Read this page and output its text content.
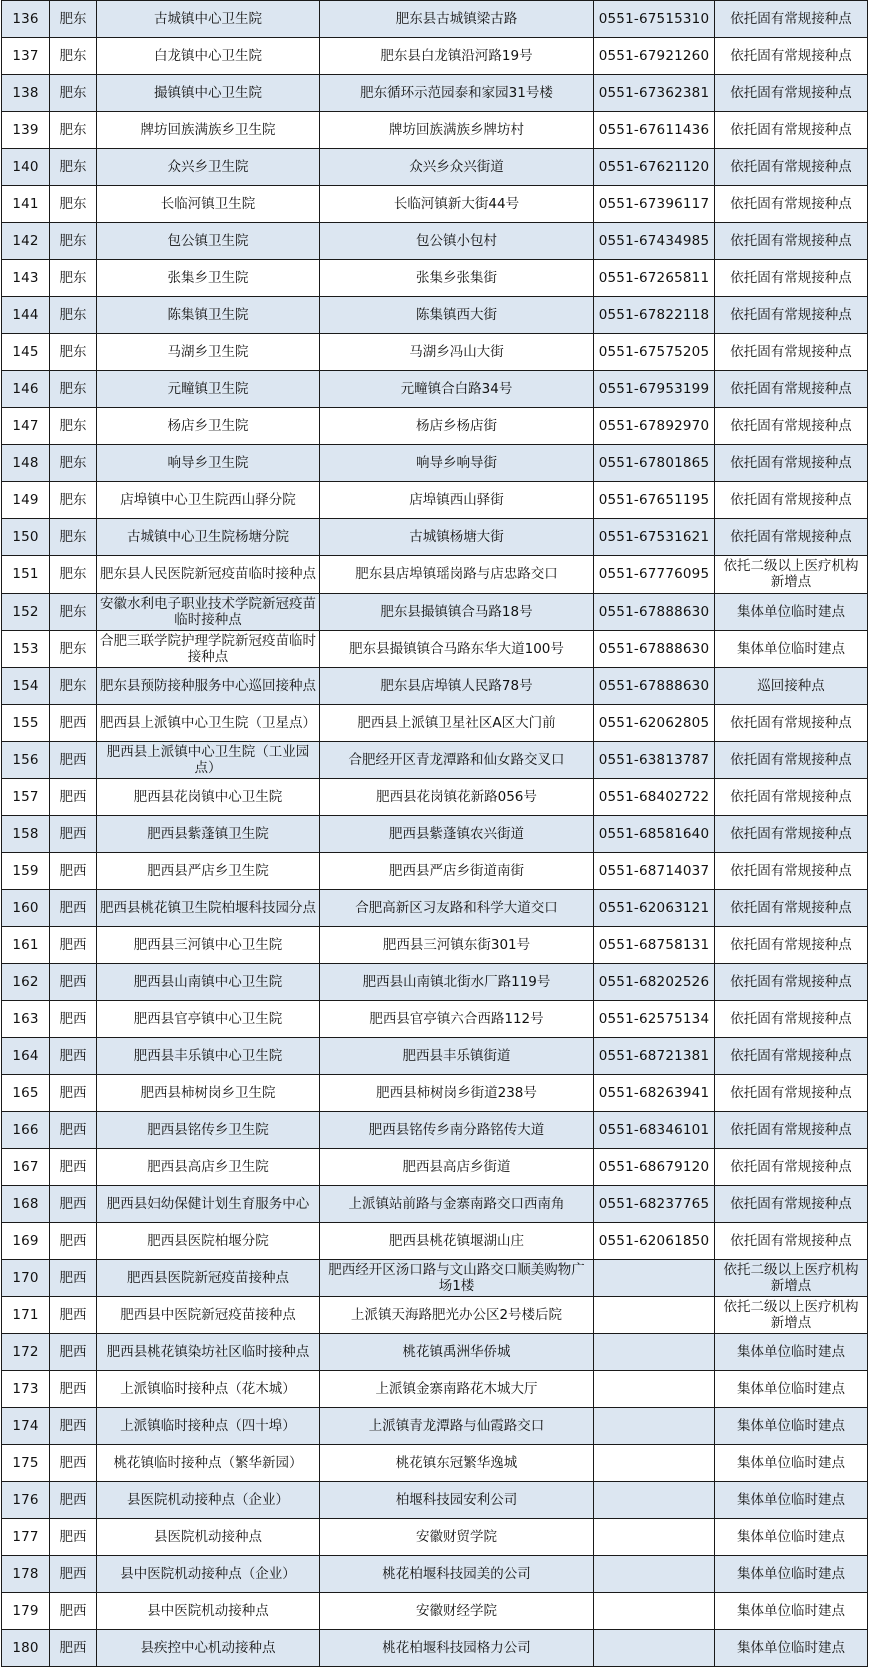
136	肥东	古城镇中心卫生院	肥东县古城镇梁古路	0551-67515310	依托固有常规接种点
137	肥东	白龙镇中心卫生院	肥东县白龙镇沿河路19号	0551-67921260	依托固有常规接种点
138	肥东	撮镇镇中心卫生院	肥东循环示范园泰和家园31号楼	0551-67362381	依托固有常规接种点
139	肥东	牌坊回族满族乡卫生院	牌坊回族满族乡牌坊村	0551-67611436	依托固有常规接种点
140	肥东	众兴乡卫生院	众兴乡众兴街道	0551-67621120	依托固有常规接种点
141	肥东	长临河镇卫生院	长临河镇新大街44号	0551-67396117	依托固有常规接种点
142	肥东	包公镇卫生院	包公镇小包村	0551-67434985	依托固有常规接种点
143	肥东	张集乡卫生院	张集乡张集街	0551-67265811	依托固有常规接种点
144	肥东	陈集镇卫生院	陈集镇西大街	0551-67822118	依托固有常规接种点
145	肥东	马湖乡卫生院	马湖乡冯山大街	0551-67575205	依托固有常规接种点
146	肥东	元疃镇卫生院	元疃镇合白路34号	0551-67953199	依托固有常规接种点
147	肥东	杨店乡卫生院	杨店乡杨店街	0551-67892970	依托固有常规接种点
148	肥东	响导乡卫生院	响导乡响导街	0551-67801865	依托固有常规接种点
149	肥东	店埠镇中心卫生院西山驿分院	店埠镇西山驿街	0551-67651195	依托固有常规接种点
150	肥东	古城镇中心卫生院杨塘分院	古城镇杨塘大街	0551-67531621	依托固有常规接种点
151	肥东	肥东县人民医院新冠疫苗临时接种点	肥东县店埠镇瑶岗路与店忠路交口	0551-67776095	依托二级以上医疗机构新增点
152	肥东	安徽水利电子职业技术学院新冠疫苗临时接种点	肥东县撮镇镇合马路18号	0551-67888630	集体单位临时建点
153	肥东	合肥三联学院护理学院新冠疫苗临时接种点	肥东县撮镇镇合马路东华大道100号	0551-67888630	集体单位临时建点
154	肥东	肥东县预防接种服务中心巡回接种点	肥东县店埠镇人民路78号	0551-67888630	巡回接种点
155	肥西	肥西县上派镇中心卫生院（卫星点）	肥西县上派镇卫星社区A区大门前	0551-62062805	依托固有常规接种点
156	肥西	肥西县上派镇中心卫生院（工业园点）	合肥经开区青龙潭路和仙女路交叉口	0551-63813787	依托固有常规接种点
157	肥西	肥西县花岗镇中心卫生院	肥西县花岗镇花新路056号	0551-68402722	依托固有常规接种点
158	肥西	肥西县紫蓬镇卫生院	肥西县紫蓬镇农兴街道	0551-68581640	依托固有常规接种点
159	肥西	肥西县严店乡卫生院	肥西县严店乡街道南街	0551-68714037	依托固有常规接种点
160	肥西	肥西县桃花镇卫生院柏堰科技园分点	合肥高新区习友路和科学大道交口	0551-62063121	依托固有常规接种点
161	肥西	肥西县三河镇中心卫生院	肥西县三河镇东街301号	0551-68758131	依托固有常规接种点
162	肥西	肥西县山南镇中心卫生院	肥西县山南镇北街水厂路119号	0551-68202526	依托固有常规接种点
163	肥西	肥西县官亭镇中心卫生院	肥西县官亭镇六合西路112号	0551-62575134	依托固有常规接种点
164	肥西	肥西县丰乐镇中心卫生院	肥西县丰乐镇街道	0551-68721381	依托固有常规接种点
165	肥西	肥西县柿树岗乡卫生院	肥西县柿树岗乡街道238号	0551-68263941	依托固有常规接种点
166	肥西	肥西县铭传乡卫生院	肥西县铭传乡南分路铭传大道	0551-68346101	依托固有常规接种点
167	肥西	肥西县高店乡卫生院	肥西县高店乡街道	0551-68679120	依托固有常规接种点
168	肥西	肥西县妇幼保健计划生育服务中心	上派镇站前路与金寨南路交口西南角	0551-68237765	依托固有常规接种点
169	肥西	肥西县医院柏堰分院	肥西县桃花镇堰湖山庄	0551-62061850	依托固有常规接种点
170	肥西	肥西县医院新冠疫苗接种点	肥西经开区汤口路与文山路交口顺美购物广场1楼		依托二级以上医疗机构新增点
171	肥西	肥西县中医院新冠疫苗接种点	上派镇天海路肥光办公区2号楼后院		依托二级以上医疗机构新增点
172	肥西	肥西县桃花镇染坊社区临时接种点	桃花镇禹洲华侨城		集体单位临时建点
173	肥西	上派镇临时接种点（花木城）	上派镇金寨南路花木城大厅		集体单位临时建点
174	肥西	上派镇临时接种点（四十埠）	上派镇青龙潭路与仙霞路交口		集体单位临时建点
175	肥西	桃花镇临时接种点（繁华新园）	桃花镇东冠繁华逸城		集体单位临时建点
176	肥西	县医院机动接种点（企业）	柏堰科技园安利公司		集体单位临时建点
177	肥西	县医院机动接种点	安徽财贸学院		集体单位临时建点
178	肥西	县中医院机动接种点（企业）	桃花柏堰科技园美的公司		集体单位临时建点
179	肥西	县中医院机动接种点	安徽财经学院		集体单位临时建点
180	肥西	县疾控中心机动接种点	桃花柏堰科技园格力公司		集体单位临时建点
